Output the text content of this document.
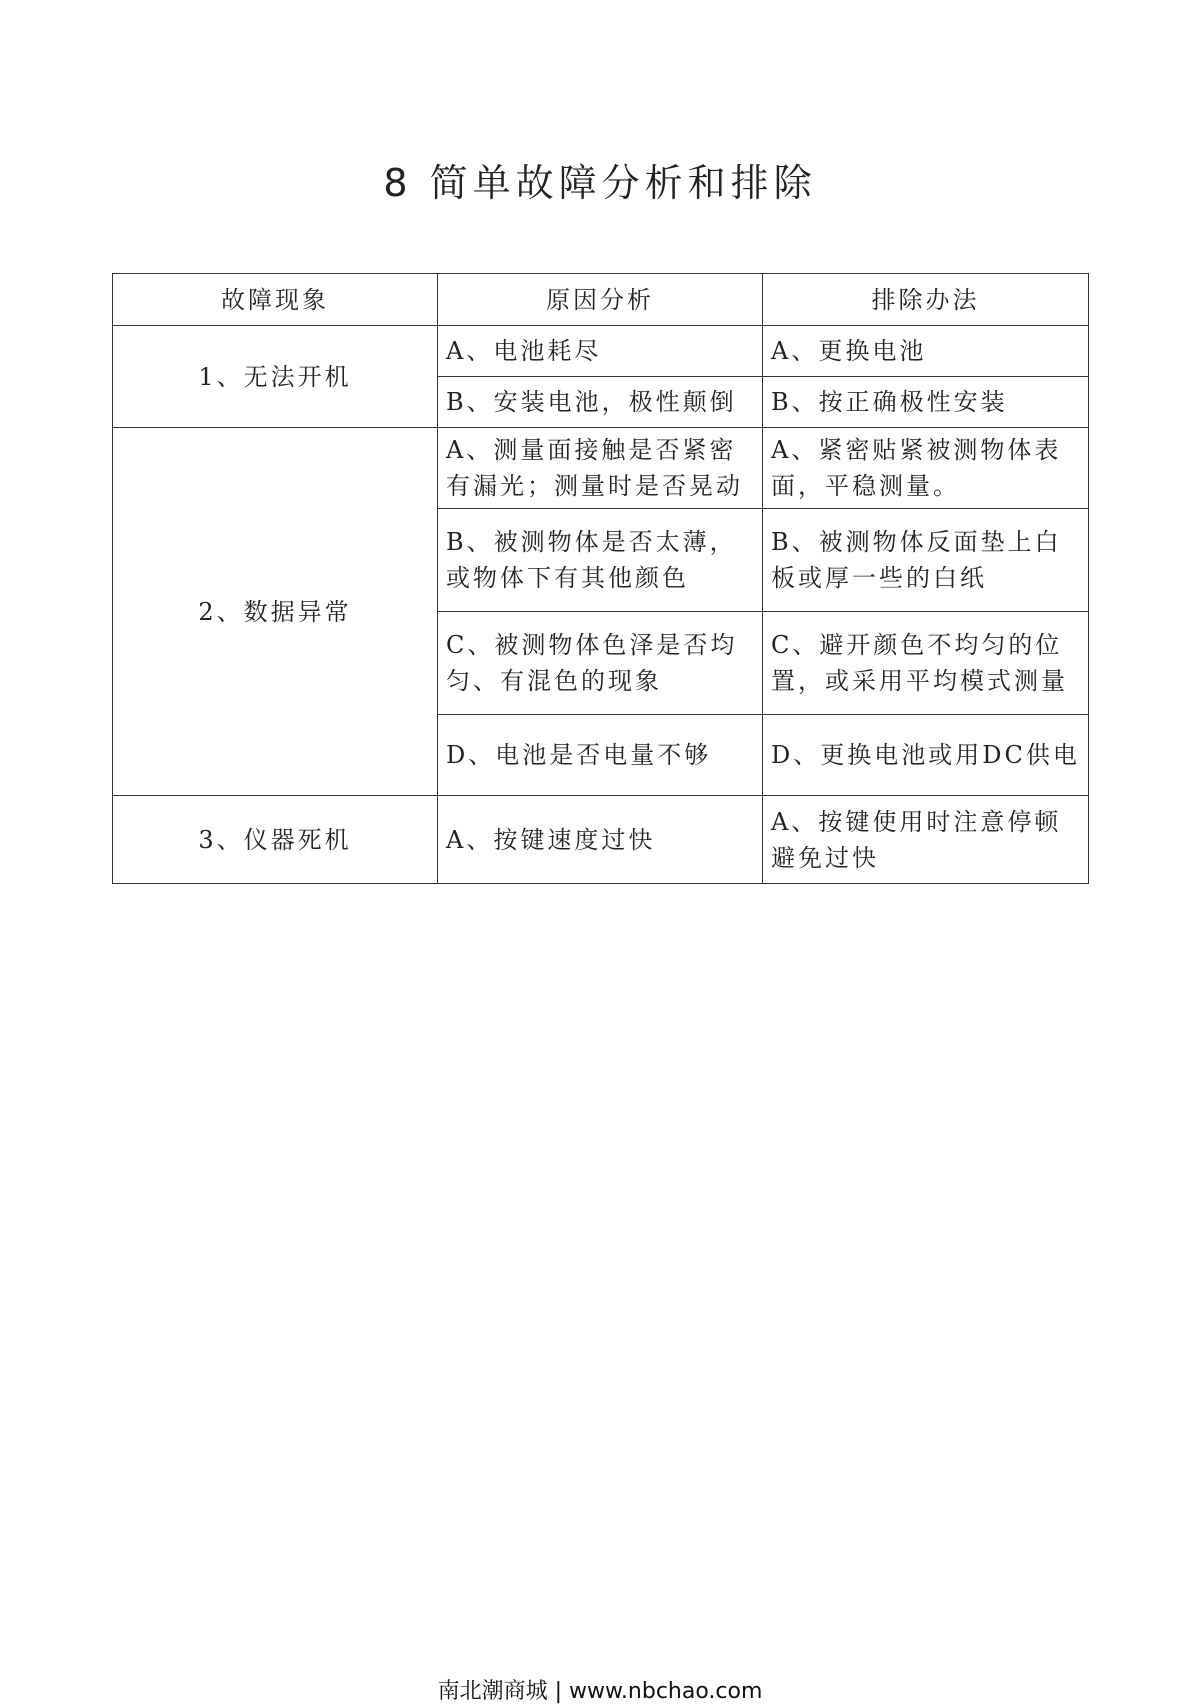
8 简单故障分析和排除
故障现象	原因分析	排除办法
1、无法开机	A、电池耗尽	A、更换电池
	B、安装电池，极性颠倒	B、按正确极性安装
2、数据异常	A、测量面接触是否紧密有漏光；测量时是否晃动	A、紧密贴紧被测物体表面，平稳测量。
	B、被测物体是否太薄，或物体下有其他颜色	B、被测物体反面垫上白板或厚一些的白纸
	C、被测物体色泽是否均匀、有混色的现象	C、避开颜色不均匀的位置，或采用平均模式测量
	D、电池是否电量不够	D、更换电池或用DC供电
3、仪器死机	A、按键速度过快	A、按键使用时注意停顿避免过快
南北潮商城 | www.nbchao.com
